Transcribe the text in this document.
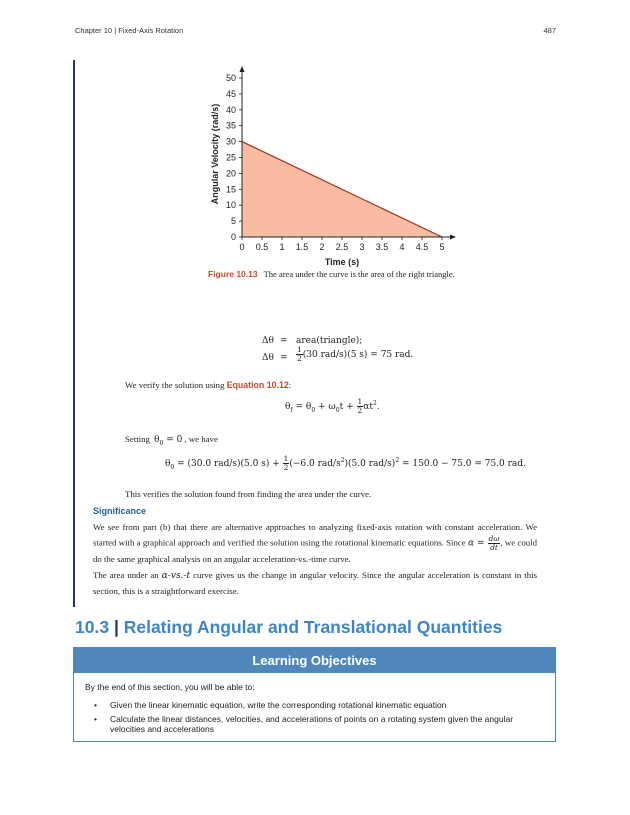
Chapter 10 | Fixed-Axis Rotation	487
0
5
10
15
20
25
30
35
40
45
50
0 0.5 1 1.5 2 2.5 3 3.5 4 4.5 5
Angular Velocity (rad/s)
Time (s)
Figure 10.13 The area under the curve is the area of the right triangle.
Δθ = area(triangle);
$\Delta\theta = \frac{1}{2} (30$ rad/s)(5 s) = 75 rad.
We verify the solution using Equation 10.12:
$\theta_f = \theta_0 + \omega_0t + \frac{1}{2} \alpha t^2$.
Setting $\theta_0 = 0$ , we have
$\theta_0 = (30.0$ rad/s)(5.0 $s) + \frac{1}{2} (-6.0$ rad/$s^2)(5.0$ rad/s)$^2$ = 150.0 − 75.0 = 75.0 rad.
This verifies the solution found from finding the area under the curve.
Significance
We see from part (b) that there are alternative approaches to analyzing fixed-axis rotation with constant acceleration. We started with a graphical approach and verified the solution using the rotational kinematic equations. Since $\alpha = \frac{d\omega}{dt}$ , we could do the same graphical analysis on an angular acceleration-vs.-time curve.
The area under an α-vs.-t curve gives us the change in angular velocity. Since the angular acceleration is constant in this section, this is a straightforward exercise.
10.3 | Relating Angular and Translational Quantities
Learning Objectives
By the end of this section, you will be able to:
• Given the linear kinematic equation, write the corresponding rotational kinematic equation
• Calculate the linear distances, velocities, and accelerations of points on a rotating system given the angular velocities and accelerations
